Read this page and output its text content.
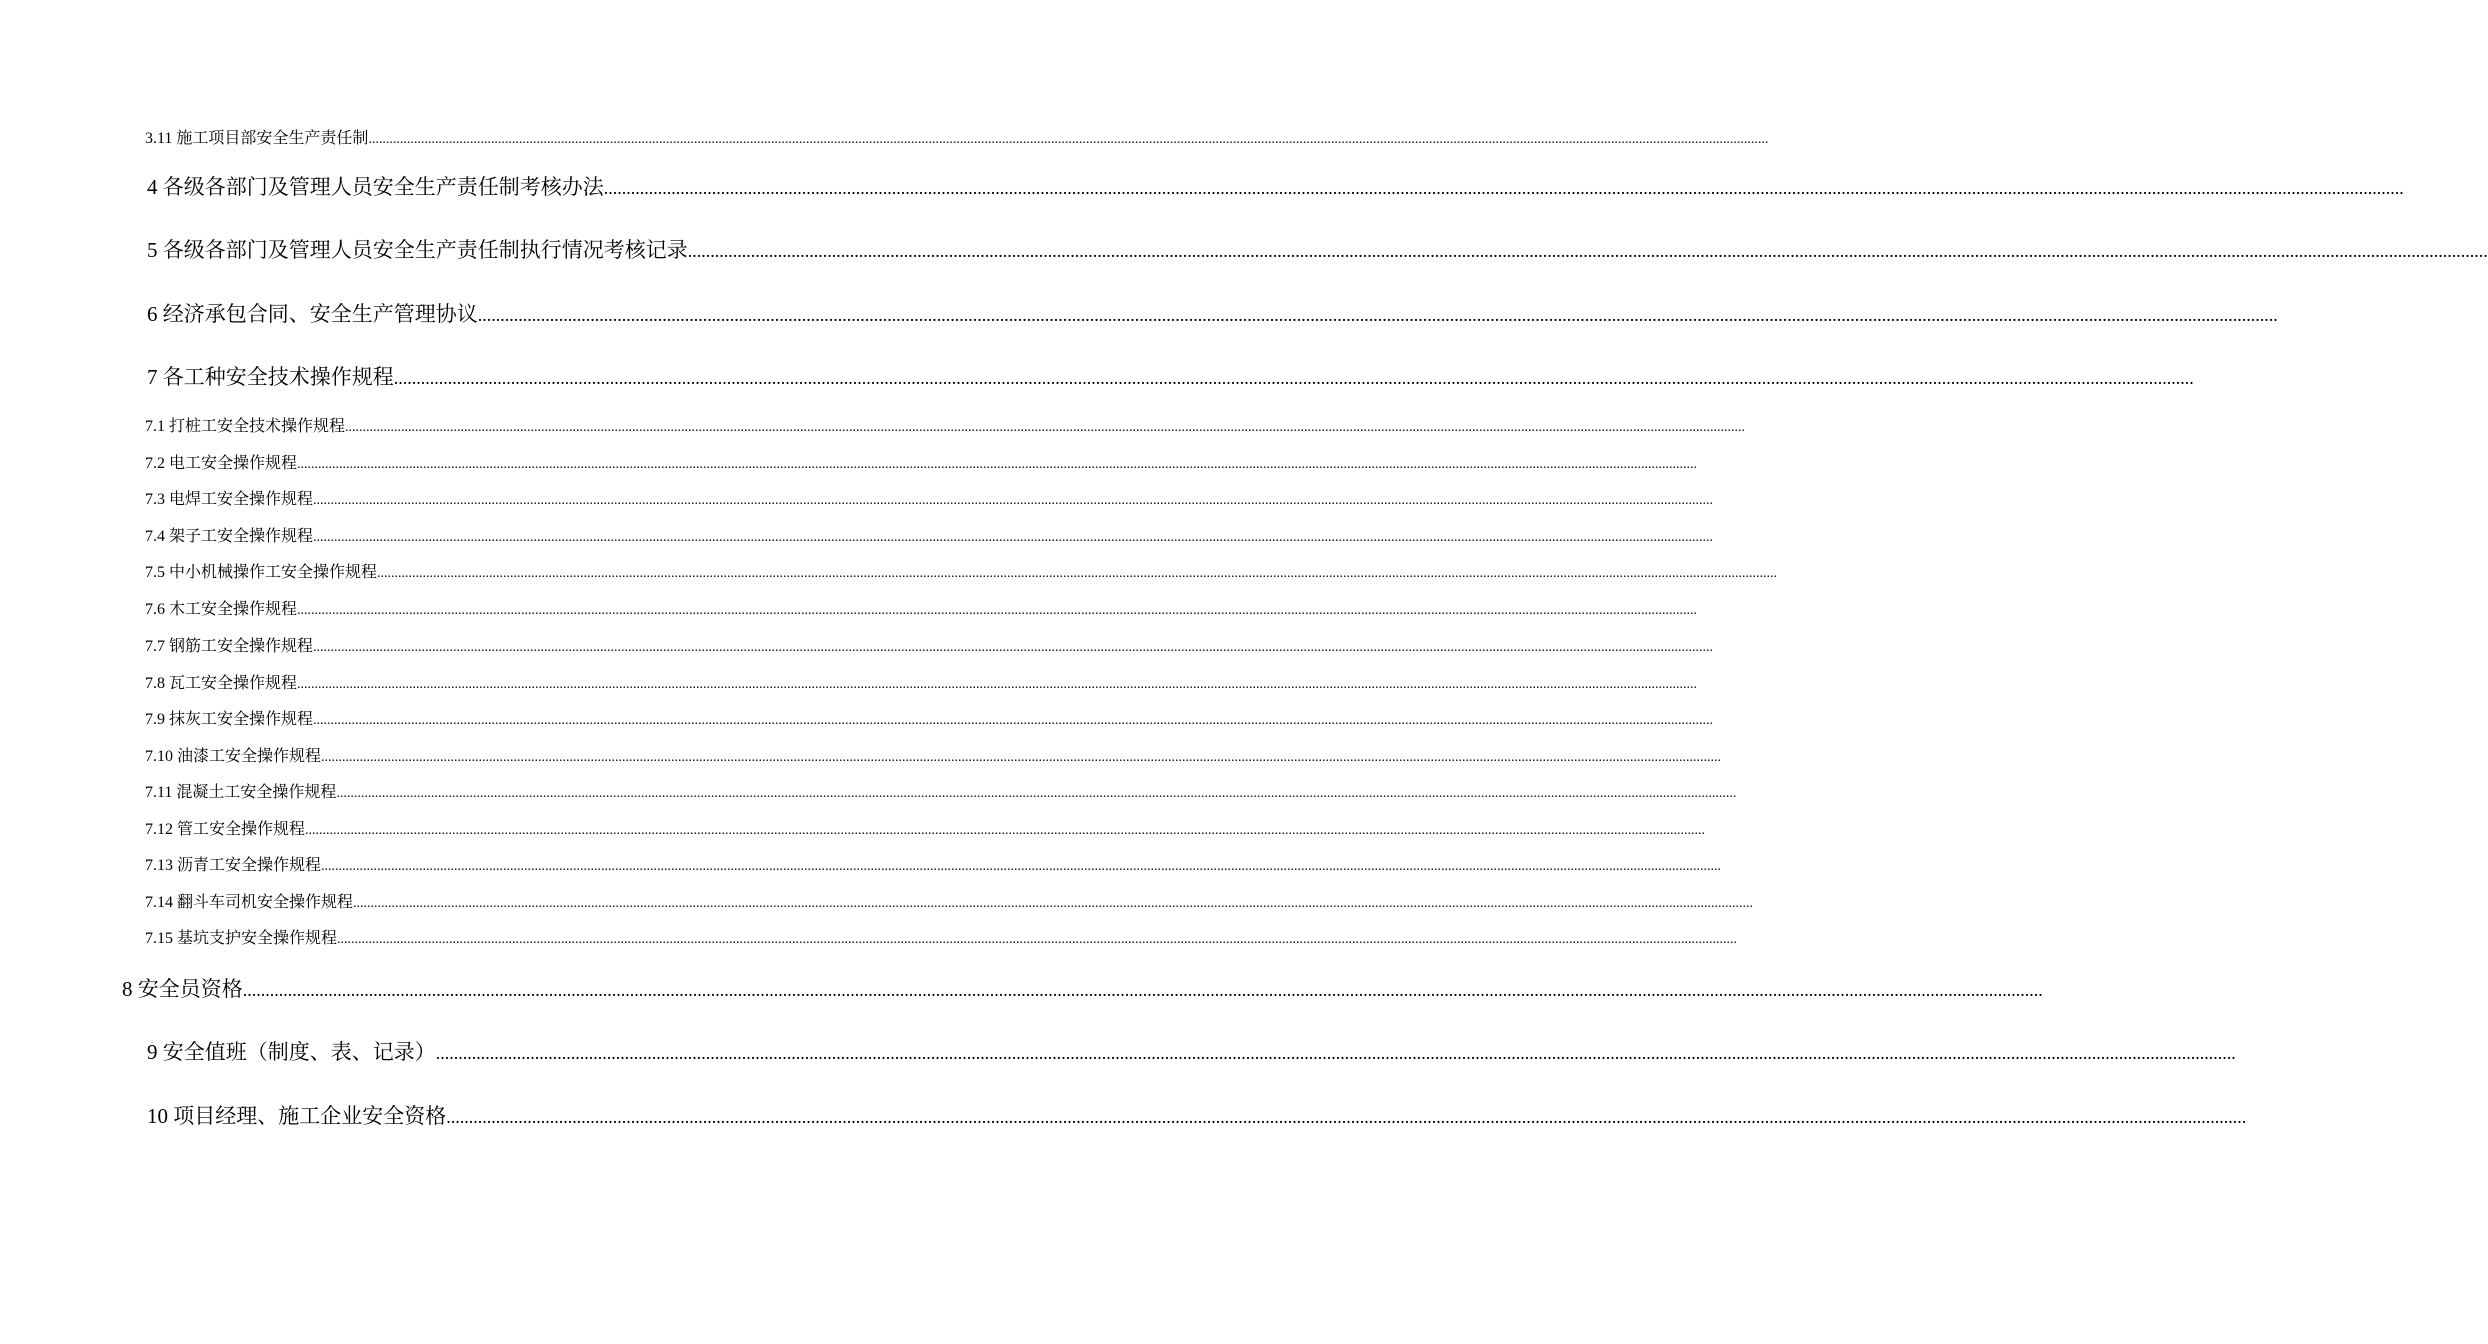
3.11 施工项目部安全生产责任制 ................................................................................................................................................................................................................................................................................................................................................................................................................
4 各级各部门及管理人员安全生产责任制考核办法 ................................................................................................................................................................................................................................................................................................................................................................................................................
5 各级各部门及管理人员安全生产责任制执行情况考核记录 ................................................................................................................................................................................................................................................................................................................................................................................................................
6 经济承包合同、安全生产管理协议 ................................................................................................................................................................................................................................................................................................................................................................................................................
7 各工种安全技术操作规程 ................................................................................................................................................................................................................................................................................................................................................................................................................
7.1 打桩工安全技术操作规程 ................................................................................................................................................................................................................................................................................................................................................................................................................
7.2 电工安全操作规程 ................................................................................................................................................................................................................................................................................................................................................................................................................
7.3 电焊工安全操作规程 ................................................................................................................................................................................................................................................................................................................................................................................................................
7.4 架子工安全操作规程 ................................................................................................................................................................................................................................................................................................................................................................................................................
7.5 中小机械操作工安全操作规程 ................................................................................................................................................................................................................................................................................................................................................................................................................
7.6 木工安全操作规程 ................................................................................................................................................................................................................................................................................................................................................................................................................
7.7 钢筋工安全操作规程 ................................................................................................................................................................................................................................................................................................................................................................................................................
7.8 瓦工安全操作规程 ................................................................................................................................................................................................................................................................................................................................................................................................................
7.9 抹灰工安全操作规程 ................................................................................................................................................................................................................................................................................................................................................................................................................
7.10 油漆工安全操作规程 ................................................................................................................................................................................................................................................................................................................................................................................................................
7.11 混凝土工安全操作规程 ................................................................................................................................................................................................................................................................................................................................................................................................................
7.12 管工安全操作规程 ................................................................................................................................................................................................................................................................................................................................................................................................................
7.13 沥青工安全操作规程 ................................................................................................................................................................................................................................................................................................................................................................................................................
7.14 翻斗车司机安全操作规程 ................................................................................................................................................................................................................................................................................................................................................................................................................
7.15 基坑支护安全操作规程 ................................................................................................................................................................................................................................................................................................................................................................................................................
8 安全员资格 ................................................................................................................................................................................................................................................................................................................................................................................................................
9 安全值班（制度、表、记录） ................................................................................................................................................................................................................................................................................................................................................................................................................
10 项目经理、施工企业安全资格 ................................................................................................................................................................................................................................................................................................................................................................................................................
